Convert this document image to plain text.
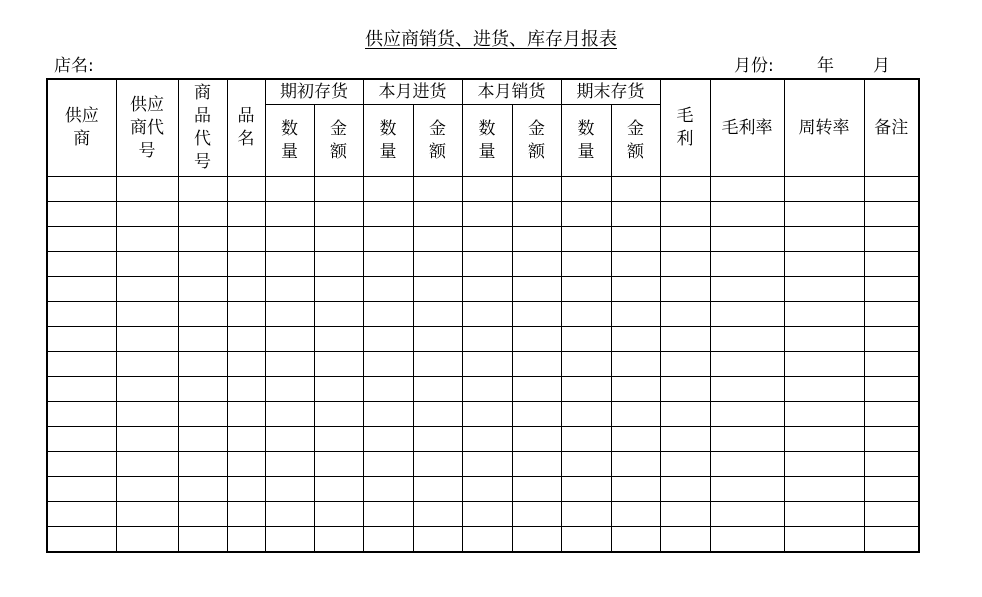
供应商销货、进货、库存月报表
店名:	月份:	年 月
供应商	供应商代号	商品代号	品名	期初存货		本月进货		本月销货		期末存货		毛利	毛利率	周转率	备注
				数量	金额	数量	金额	数量	金额	数量	金额				
